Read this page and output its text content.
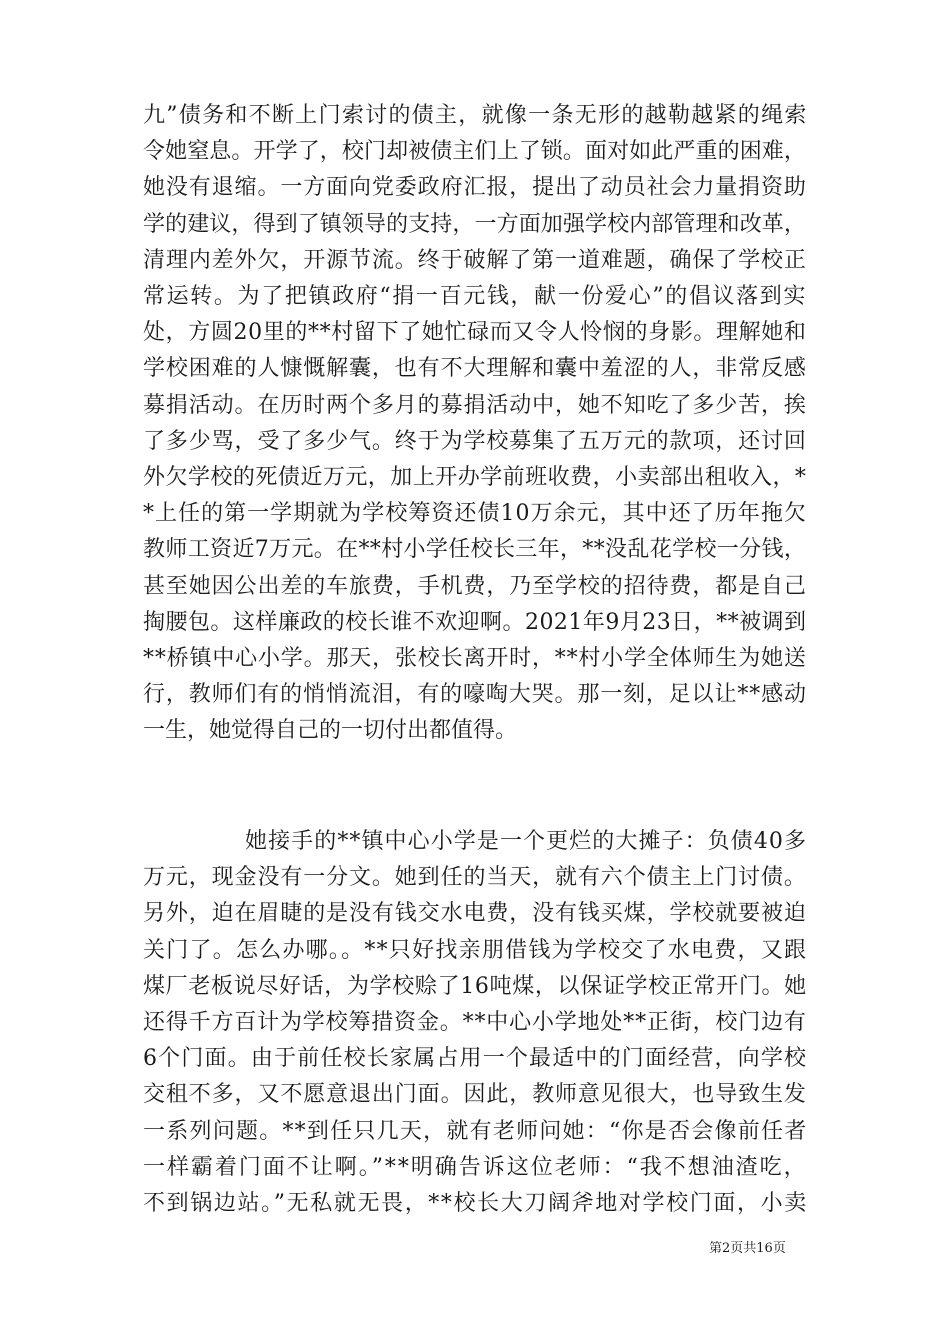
九”债务和不断上门索讨的债主，就像一条无形的越勒越紧的绳索
令她窒息。开学了，校门却被债主们上了锁。面对如此严重的困难，
她没有退缩。一方面向党委政府汇报，提出了动员社会力量捐资助
学的建议，得到了镇领导的支持，一方面加强学校内部管理和改革，
清理内差外欠，开源节流。终于破解了第一道难题，确保了学校正
常运转。为了把镇政府“捐一百元钱，献一份爱心”的倡议落到实
处，方圆20里的**村留下了她忙碌而又令人怜悯的身影。理解她和
学校困难的人慷慨解囊，也有不大理解和囊中羞涩的人，非常反感
募捐活动。在历时两个多月的募捐活动中，她不知吃了多少苦，挨
了多少骂，受了多少气。终于为学校募集了五万元的款项，还讨回
外欠学校的死债近万元，加上开办学前班收费，小卖部出租收入，*
*上任的第一学期就为学校筹资还债10万余元，其中还了历年拖欠
教师工资近7万元。在**村小学任校长三年，**没乱花学校一分钱，
甚至她因公出差的车旅费，手机费，乃至学校的招待费，都是自己
掏腰包。这样廉政的校长谁不欢迎啊。2021年9月23日，**被调到
**桥镇中心小学。那天，张校长离开时，**村小学全体师生为她送
行，教师们有的悄悄流泪，有的嚎啕大哭。那一刻，足以让**感动
一生，她觉得自己的一切付出都值得。
她接手的**镇中心小学是一个更烂的大摊子：负债40多
万元，现金没有一分文。她到任的当天，就有六个债主上门讨债。
另外，迫在眉睫的是没有钱交水电费，没有钱买煤，学校就要被迫
关门了。怎么办哪。。**只好找亲朋借钱为学校交了水电费，又跟
煤厂老板说尽好话，为学校赊了16吨煤，以保证学校正常开门。她
还得千方百计为学校筹措资金。**中心小学地处**正街，校门边有
6个门面。由于前任校长家属占用一个最适中的门面经营，向学校
交租不多，又不愿意退出门面。因此，教师意见很大，也导致生发
一系列问题。**到任只几天，就有老师问她：“你是否会像前任者
一样霸着门面不让啊。”**明确告诉这位老师：“我不想油渣吃，
不到锅边站。”无私就无畏，**校长大刀阔斧地对学校门面，小卖
第2页共16页
